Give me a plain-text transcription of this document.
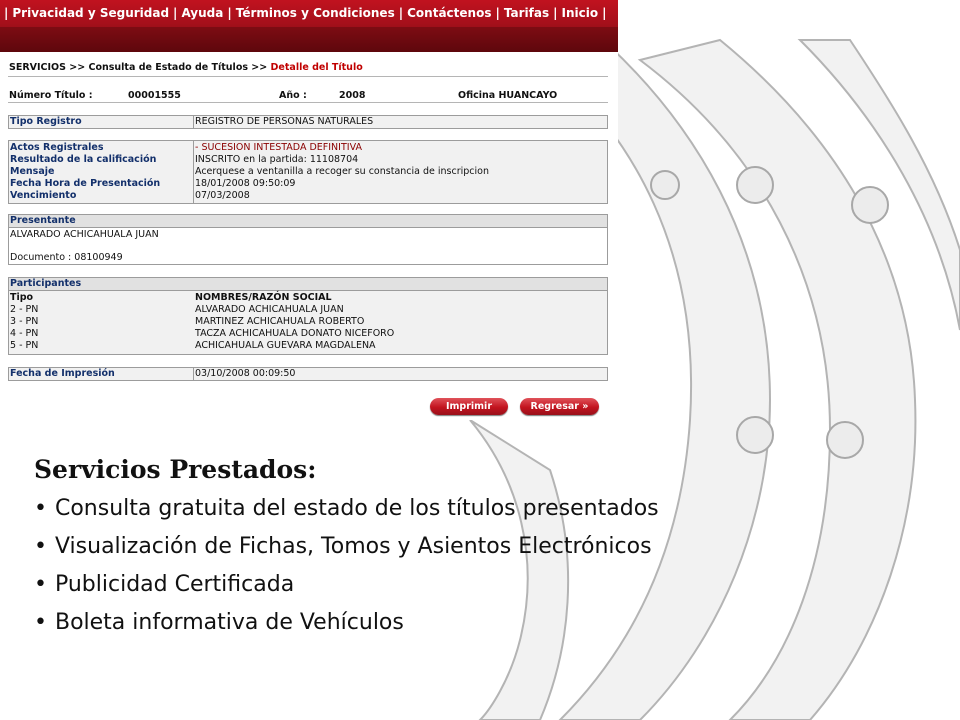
| Privacidad y Seguridad | Ayuda | Términos y Condiciones | Contáctenos | Tarifas | Inicio |
SERVICIOS >> Consulta de Estado de Títulos >> Detalle del Título
Número Título :	00001555	Año :	2008	Oficina HUANCAYO
Tipo Registro	REGISTRO DE PERSONAS NATURALES
Actos Registrales	- SUCESION INTESTADA DEFINITIVA
Resultado de la calificación	INSCRITO en la partida: 11108704
Mensaje	Acerquese a ventanilla a recoger su constancia de inscripcion
Fecha Hora de Presentación	18/01/2008 09:50:09
Vencimiento	07/03/2008
Presentante
ALVARADO ACHICAHUALA JUAN
Documento : 08100949
Participantes
Tipo	NOMBRES/RAZÓN SOCIAL
2 - PN	ALVARADO ACHICAHUALA JUAN
3 - PN	MARTINEZ ACHICAHUALA ROBERTO
4 - PN	TACZA ACHICAHUALA DONATO NICEFORO
5 - PN	ACHICAHUALA GUEVARA MAGDALENA
Fecha de Impresión	03/10/2008 00:09:50
Imprimir	Regresar »
Servicios Prestados:
• Consulta gratuita del estado de los títulos presentados
• Visualización de Fichas, Tomos y Asientos Electrónicos
• Publicidad Certificada
• Boleta informativa de Vehículos
